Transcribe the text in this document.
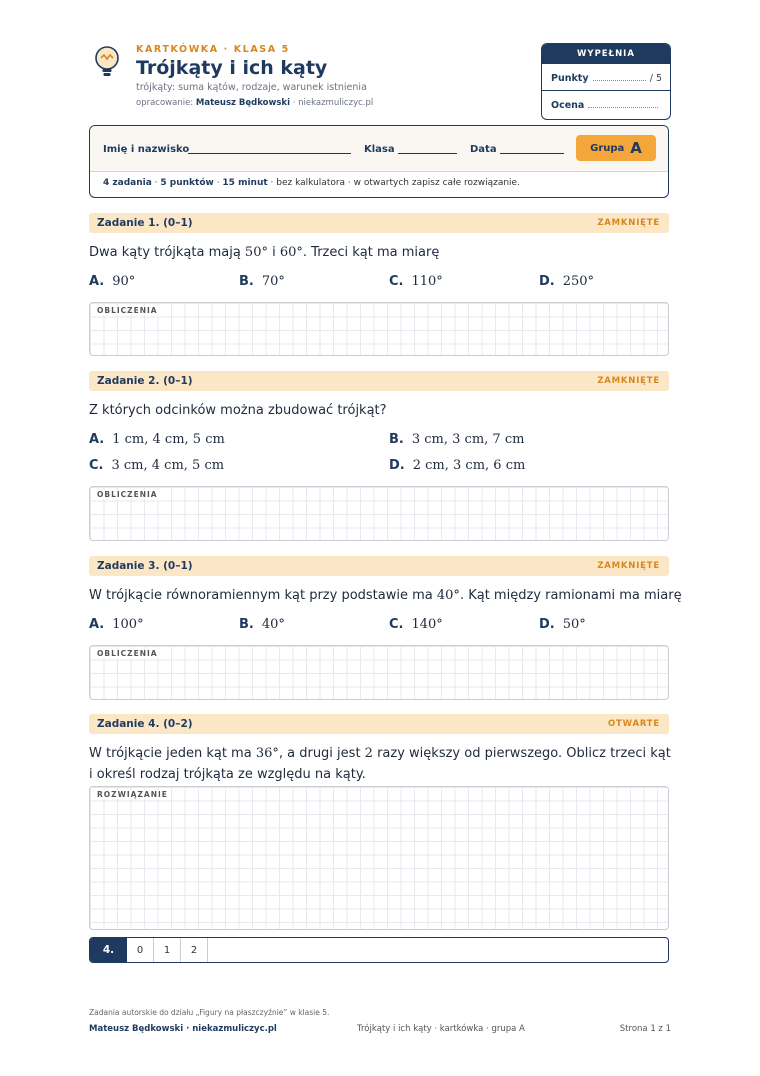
KARTKÓWKA · KLASA 5
Trójkąty i ich kąty
trójkąty: suma kątów, rodzaje, warunek istnienia
opracowanie: Mateusz Będkowski · niekazmuliczyc.pl
WYPEŁNIA NAUCZYCIEL
Punkty	/ 5
Ocena
Imię i nazwisko	Klasa	Data	Grupa A
4 zadania · 5 punktów · 15 minut · bez kalkulatora · w otwartych zapisz całe rozwiązanie.
Zadanie 1. (0–1)	ZAMKNIĘTE
Dwa kąty trójkąta mają 50° i 60°. Trzeci kąt ma miarę
A. 90°	B. 70°	C. 110°	D. 250°
OBLICZENIA
Zadanie 2. (0–1)	ZAMKNIĘTE
Z których odcinków można zbudować trójkąt?
A. 1 cm, 4 cm, 5 cm	B. 3 cm, 3 cm, 7 cm
C. 3 cm, 4 cm, 5 cm	D. 2 cm, 3 cm, 6 cm
OBLICZENIA
Zadanie 3. (0–1)	ZAMKNIĘTE
W trójkącie równoramiennym kąt przy podstawie ma 40°. Kąt między ramionami ma miarę
A. 100°	B. 40°	C. 140°	D. 50°
OBLICZENIA
Zadanie 4. (0–2)	OTWARTE
W trójkącie jeden kąt ma 36°, a drugi jest 2 razy większy od pierwszego. Oblicz trzeci kąt
i określ rodzaj trójkąta ze względu na kąty.
ROZWIĄZANIE
4.	0	1	2
Zadania autorskie do działu „Figury na płaszczyźnie” w klasie 5.
Mateusz Będkowski · niekazmuliczyc.pl	Trójkąty i ich kąty · kartkówka · grupa A	Strona 1 z 1
